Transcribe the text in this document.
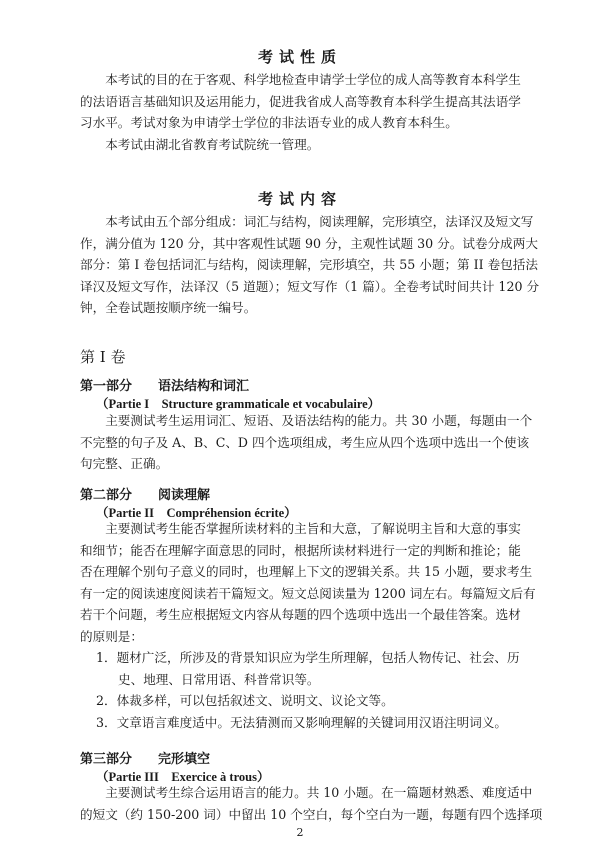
考试性质

　　本考试的目的在于客观、科学地检查申请学士学位的成人高等教育本科学生
的法语语言基础知识及运用能力，促进我省成人高等教育本科学生提高其法语学
习水平。考试对象为申请学士学位的非法语专业的成人教育本科生。
　　本考试由湖北省教育考试院统一管理。

考试内容

　　本考试由五个部分组成：词汇与结构，阅读理解，完形填空，法译汉及短文写
作，满分值为 120 分，其中客观性试题 90 分，主观性试题 30 分。试卷分成两大
部分：第 I 卷包括词汇与结构，阅读理解，完形填空，共 55 小题；第 II 卷包括法
译汉及短文写作，法译汉（5 道题）；短文写作（1 篇）。全卷考试时间共计 120 分
钟，全卷试题按顺序统一编号。

第 I 卷
第一部分 语法结构和词汇
（Partie I　Structure grammaticale et vocabulaire）

　　主要测试考生运用词汇、短语、及语法结构的能力。共 30 小题，每题由一个
不完整的句子及 A、B、C、D 四个选项组成，考生应从四个选项中选出一个使该
句完整、正确。

第二部分 阅读理解
（Partie II　Compréhension écrite）

　　主要测试考生能否掌握所读材料的主旨和大意，了解说明主旨和大意的事实
和细节；能否在理解字面意思的同时，根据所读材料进行一定的判断和推论；能
否在理解个别句子意义的同时，也理解上下文的逻辑关系。共 15 小题，要求考生
有一定的阅读速度阅读若干篇短文。短文总阅读量为 1200 词左右。每篇短文后有
若干个问题，考生应根据短文内容从每题的四个选项中选出一个最佳答案。选材
的原则是：

1．题材广泛，所涉及的背景知识应为学生所理解，包括人物传记、社会、历
史、地理、日常用语、科普常识等。
2．体裁多样，可以包括叙述文、说明文、议论文等。
3．文章语言难度适中。无法猜测而又影响理解的关键词用汉语注明词义。
第三部分 完形填空
（Partie III　Exercice à trous）

　　主要测试考生综合运用语言的能力。共 10 小题。在一篇题材熟悉、难度适中
的短文（约 150-200 词）中留出 10 个空白，每个空白为一题，每题有四个选择项

2
